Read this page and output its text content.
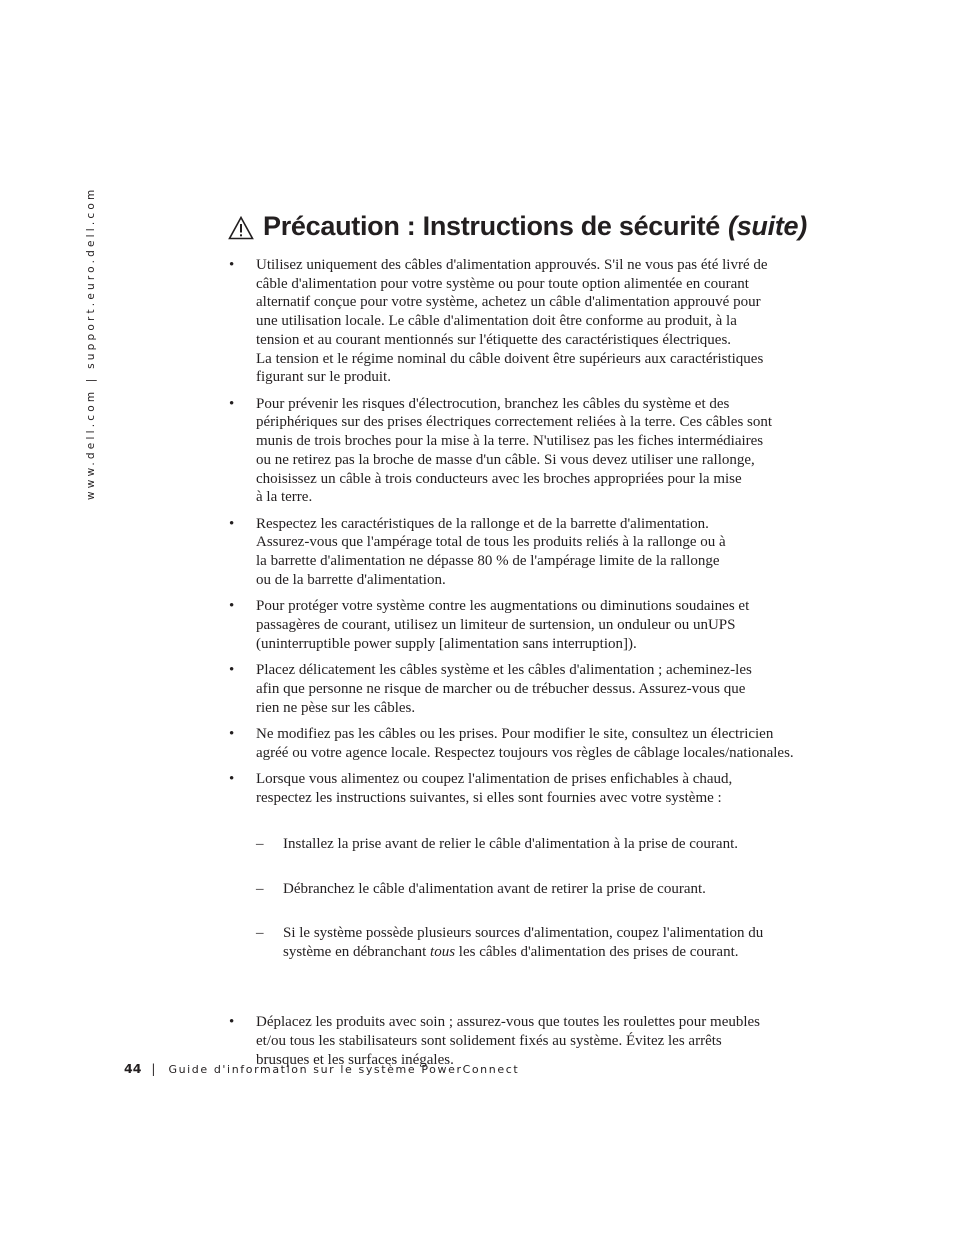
www.dell.com | support.euro.dell.com	Précaution : Instructions de sécurité (suite)
• Utilisez uniquement des câbles d'alimentation approuvés. S'il ne vous pas été livré de
câble d'alimentation pour votre système ou pour toute option alimentée en courant
alternatif conçue pour votre système, achetez un câble d'alimentation approuvé pour
une utilisation locale. Le câble d'alimentation doit être conforme au produit, à la
tension et au courant mentionnés sur l'étiquette des caractéristiques électriques.
La tension et le régime nominal du câble doivent être supérieurs aux caractéristiques
figurant sur le produit.
• Pour prévenir les risques d'électrocution, branchez les câbles du système et des
périphériques sur des prises électriques correctement reliées à la terre. Ces câbles sont
munis de trois broches pour la mise à la terre. N'utilisez pas les fiches intermédiaires
ou ne retirez pas la broche de masse d'un câble. Si vous devez utiliser une rallonge,
choisissez un câble à trois conducteurs avec les broches appropriées pour la mise
à la terre.
• Respectez les caractéristiques de la rallonge et de la barrette d'alimentation.
Assurez-vous que l'ampérage total de tous les produits reliés à la rallonge ou à
la barrette d'alimentation ne dépasse 80 % de l'ampérage limite de la rallonge
ou de la barrette d'alimentation.
• Pour protéger votre système contre les augmentations ou diminutions soudaines et
passagères de courant, utilisez un limiteur de surtension, un onduleur ou unUPS
(uninterruptible power supply [alimentation sans interruption]).
• Placez délicatement les câbles système et les câbles d'alimentation ; acheminez-les
afin que personne ne risque de marcher ou de trébucher dessus. Assurez-vous que
rien ne pèse sur les câbles.
• Ne modifiez pas les câbles ou les prises. Pour modifier le site, consultez un électricien
agréé ou votre agence locale. Respectez toujours vos règles de câblage locales/nationales.
• Lorsque vous alimentez ou coupez l'alimentation de prises enfichables à chaud,
respectez les instructions suivantes, si elles sont fournies avec votre système :

– Installez la prise avant de relier le câble d'alimentation à la prise de courant.

– Débranchez le câble d'alimentation avant de retirer la prise de courant.

– Si le système possède plusieurs sources d'alimentation, coupez l'alimentation du
système en débranchant tous les câbles d'alimentation des prises de courant.

• Déplacez les produits avec soin ; assurez-vous que toutes les roulettes pour meubles
et/ou tous les stabilisateurs sont solidement fixés au système. Évitez les arrêts
brusques et les surfaces inégales.
44 | Guide d'information sur le système PowerConnect
